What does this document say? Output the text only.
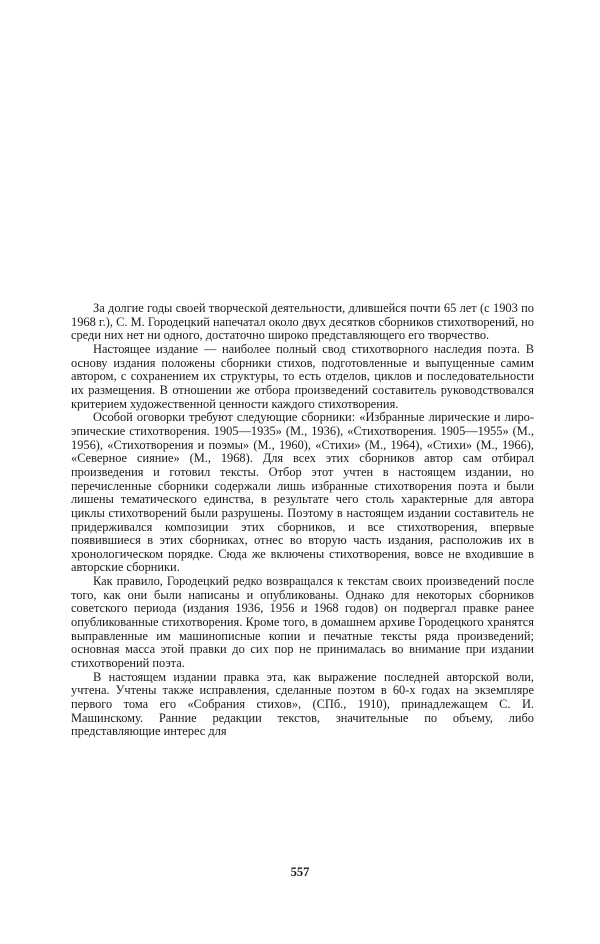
За долгие годы своей творческой деятельности, длившейся почти 65 лет (с 1903 по 1968 г.), С. М. Городецкий напечатал около двух десятков сборников стихотворений, но среди них нет ни одного, достаточно широко представляющего его творчество.

Настоящее издание — наиболее полный свод стихотворного наследия поэта. В основу издания положены сборники стихов, подготовленные и выпущенные самим автором, с сохранением их структуры, то есть отделов, циклов и последовательности их размещения. В отношении же отбора произведений составитель руководствовался критерием художественной ценности каждого стихотворения.

Особой оговорки требуют следующие сборники: «Избранные лирические и лиро-эпические стихотворения. 1905—1935» (М., 1936), «Стихотворения. 1905—1955» (М., 1956), «Стихотворения и поэмы» (М., 1960), «Стихи» (М., 1964), «Стихи» (М., 1966), «Северное сияние» (М., 1968). Для всех этих сборников автор сам отбирал произведения и готовил тексты. Отбор этот учтен в настоящем издании, но перечисленные сборники содержали лишь избранные стихотворения поэта и были лишены тематического единства, в результате чего столь характерные для автора циклы стихотворений были разрушены. Поэтому в настоящем издании составитель не придерживался композиции этих сборников, и все стихотворения, впервые появившиеся в этих сборниках, отнес во вторую часть издания, расположив их в хронологическом порядке. Сюда же включены стихотворения, вовсе не входившие в авторские сборники.

Как правило, Городецкий редко возвращался к текстам своих произведений после того, как они были написаны и опубликованы. Однако для некоторых сборников советского периода (издания 1936, 1956 и 1968 годов) он подвергал правке ранее опубликованные стихотворения. Кроме того, в домашнем архиве Городецкого хранятся выправленные им машинописные копии и печатные тексты ряда произведений; основная масса этой правки до сих пор не принималась во внимание при издании стихотворений поэта.

В настоящем издании правка эта, как выражение последней авторской воли, учтена. Учтены также исправления, сделанные поэтом в 60-х годах на экземпляре первого тома его «Собрания стихов», (СПб., 1910), принадлежащем С. И. Машинскому. Ранние редакции текстов, значительные по объему, либо представляющие интерес для

557
